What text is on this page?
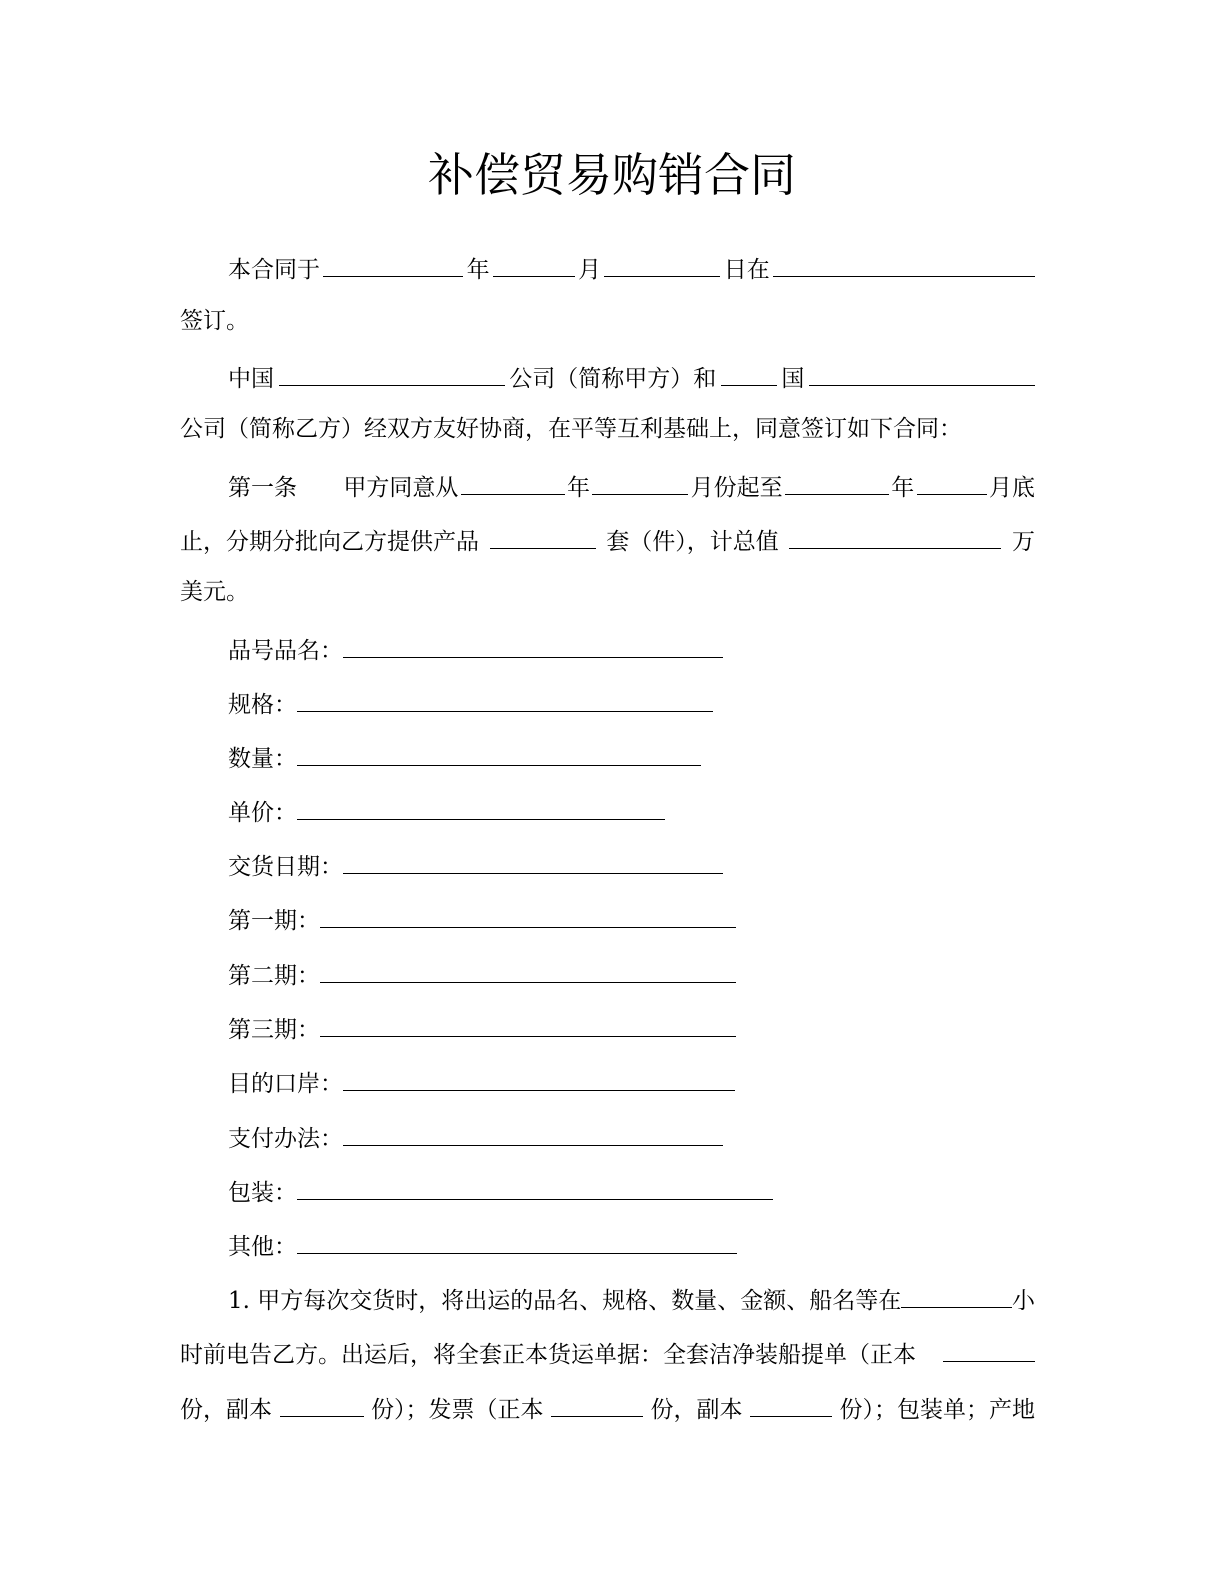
补偿贸易购销合同
本合同于	年	月	日在
签订。
中国	公司（简称甲方）和	国
公司（简称乙方）经双方友好协商，在平等互利基础上，同意签订如下合同：
第一条 甲方同意从	年	月份起至	年	月底
止，分期分批向乙方提供产品	套（件），计总值	万
美元。
品号品名：
规格：
数量：
单价：
交货日期：
第一期：
第二期：
第三期：
目的口岸：
支付办法：
包装：
其他：
1. 甲方每次交货时，将出运的品名、规格、数量、金额、船名等在	小
时前电告乙方。出运后，将全套正本货运单据：全套洁净装船提单（正本
份，副本	份）；发票（正本	份，副本	份）；包装单；产地
